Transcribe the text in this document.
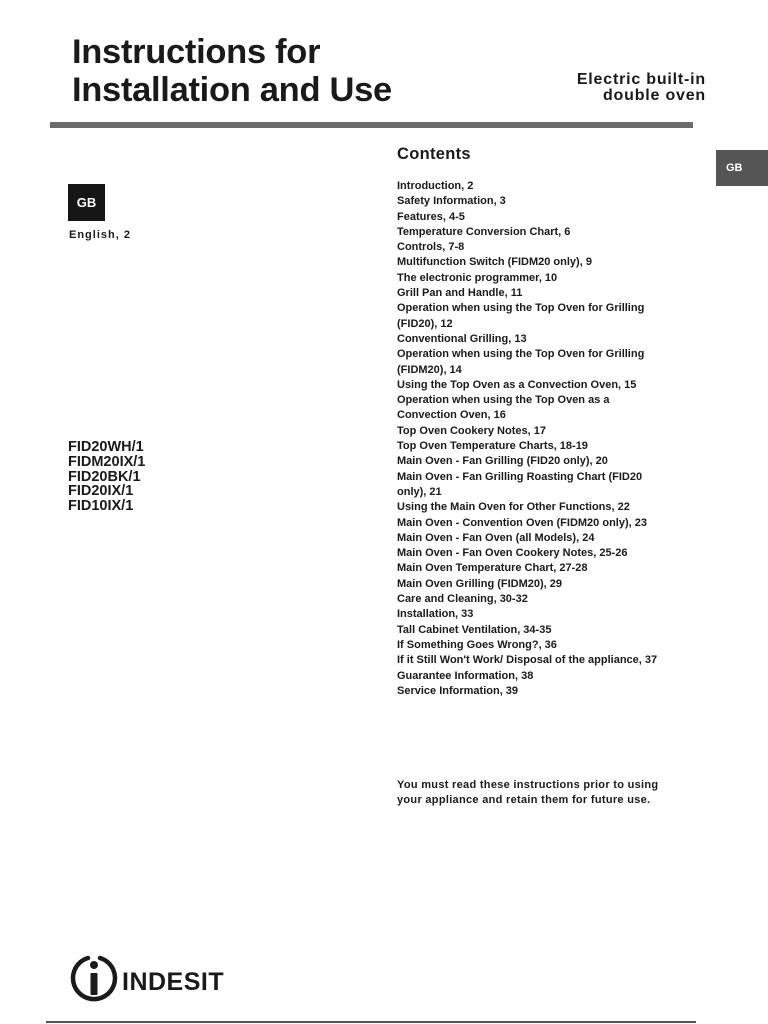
Instructions for
Installation and Use	Electric built-in
double oven
GB
GB
English, 2
FID20WH/1
FIDM20IX/1
FID20BK/1
FID20IX/1
FID10IX/1
Contents
Introduction, 2
Safety Information, 3
Features, 4-5
Temperature Conversion Chart, 6
Controls, 7-8
Multifunction Switch (FIDM20 only), 9
The electronic programmer, 10
Grill Pan and Handle, 11
Operation when using the Top Oven for Grilling
(FID20), 12
Conventional Grilling, 13
Operation when using the Top Oven for Grilling
(FIDM20), 14
Using the Top Oven as a Convection Oven, 15
Operation when using the Top Oven as a
Convection Oven, 16
Top Oven Cookery Notes, 17
Top Oven Temperature Charts, 18-19
Main Oven - Fan Grilling (FID20 only), 20
Main Oven - Fan Grilling Roasting Chart (FID20
only), 21
Using the Main Oven for Other Functions, 22
Main Oven - Convention Oven (FIDM20 only), 23
Main Oven - Fan Oven (all Models), 24
Main Oven - Fan Oven Cookery Notes, 25-26
Main Oven Temperature Chart, 27-28
Main Oven Grilling (FIDM20), 29
Care and Cleaning, 30-32
Installation, 33
Tall Cabinet Ventilation, 34-35
If Something Goes Wrong?, 36
If it Still Won't Work/ Disposal of the appliance, 37
Guarantee Information, 38
Service Information, 39
You must read these instructions prior to using
your appliance and retain them for future use.
indesit
